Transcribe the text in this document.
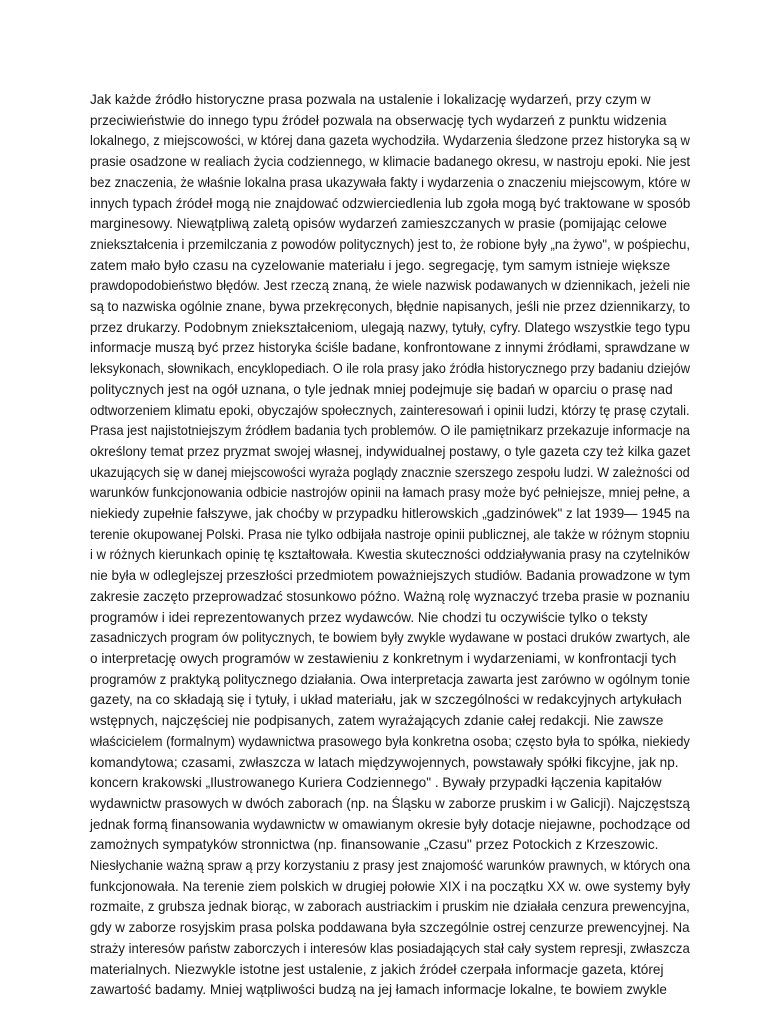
Jak każde źródło historyczne prasa pozwala na ustalenie i lokalizację wydarzeń, przy czym w
przeciwieństwie do innego typu źródeł pozwala na obserwację tych wydarzeń z punktu widzenia
lokalnego, z miejscowości, w której dana gazeta wychodziła. Wydarzenia śledzone przez historyka są w
prasie osadzone w realiach życia codziennego, w klimacie badanego okresu, w nastroju epoki. Nie jest
bez znaczenia, że właśnie lokalna prasa ukazywała fakty i wydarzenia o znaczeniu miejscowym, które w
innych typach źródeł mogą nie znajdować odzwierciedlenia lub zgoła mogą być traktowane w sposób
marginesowy. Niewątpliwą zaletą opisów wydarzeń zamieszczanych w prasie (pomijając celowe
zniekształcenia i przemilczania z powodów politycznych) jest to, że robione były „na żywo", w pośpiechu,
zatem mało było czasu na cyzelowanie materiału i jego. segregację, tym samym istnieje większe
prawdopodobieństwo błędów. Jest rzeczą znaną, że wiele nazwisk podawanych w dziennikach, jeżeli nie
są to nazwiska ogólnie znane, bywa przekręconych, błędnie napisanych, jeśli nie przez dziennikarzy, to
przez drukarzy. Podobnym zniekształceniom, ulegają nazwy, tytuły, cyfry. Dlatego wszystkie tego typu
informacje muszą być przez historyka ściśle badane, konfrontowane z innymi źródłami, sprawdzane w
leksykonach, słownikach, encyklopediach. O ile rola prasy jako źródła historycznego przy badaniu dziejów
politycznych jest na ogół uznana, o tyle jednak mniej podejmuje się badań w oparciu o prasę nad
odtworzeniem klimatu epoki, obyczajów społecznych, zainteresowań i opinii ludzi, którzy tę prasę czytali.
Prasa jest najistotniejszym źródłem badania tych problemów. O ile pamiętnikarz przekazuje informacje na
określony temat przez pryzmat swojej własnej, indywidualnej postawy, o tyle gazeta czy też kilka gazet
ukazujących się w danej miejscowości wyraża poglądy znacznie szerszego zespołu ludzi. W zależności od
warunków funkcjonowania odbicie nastrojów opinii na łamach prasy może być pełniejsze, mniej pełne, a
niekiedy zupełnie fałszywe, jak choćby w przypadku hitlerowskich „gadzinówek" z lat 1939— 1945 na
terenie okupowanej Polski. Prasa nie tylko odbijała nastroje opinii publicznej, ale także w różnym stopniu
i w różnych kierunkach opinię tę kształtowała. Kwestia skuteczności oddziaływania prasy na czytelników
nie była w odleglejszej przeszłości przedmiotem poważniejszych studiów. Badania prowadzone w tym
zakresie zaczęto przeprowadzać stosunkowo późno. Ważną rolę wyznaczyć trzeba prasie w poznaniu
programów i idei reprezentowanych przez wydawców. Nie chodzi tu oczywiście tylko o teksty
zasadniczych program ów politycznych, te bowiem były zwykle wydawane w postaci druków zwartych, ale
o interpretację owych programów w zestawieniu z konkretnym i wydarzeniami, w konfrontacji tych
programów z praktyką politycznego działania. Owa interpretacja zawarta jest zarówno w ogólnym tonie
gazety, na co składają się i tytuły, i układ materiału, jak w szczególności w redakcyjnych artykułach
wstępnych, najczęściej nie podpisanych, zatem wyrażających zdanie całej redakcji. Nie zawsze
właścicielem (formalnym) wydawnictwa prasowego była konkretna osoba; często była to spółka, niekiedy
komandytowa; czasami, zwłaszcza w latach międzywojennych, powstawały spółki fikcyjne, jak np.
koncern krakowski „Ilustrowanego Kuriera Codziennego" . Bywały przypadki łączenia kapitałów
wydawnictw prasowych w dwóch zaborach (np. na Śląsku w zaborze pruskim i w Galicji). Najczęstszą
jednak formą finansowania wydawnictw w omawianym okresie były dotacje niejawne, pochodzące od
zamożnych sympatyków stronnictwa (np. finansowanie „Czasu" przez Potockich z Krzeszowic.
Niesłychanie ważną spraw ą przy korzystaniu z prasy jest znajomość warunków prawnych, w których ona
funkcjonowała. Na terenie ziem polskich w drugiej połowie XIX i na początku XX w. owe systemy były
rozmaite, z grubsza jednak biorąc, w zaborach austriackim i pruskim nie działała cenzura prewencyjna,
gdy w zaborze rosyjskim prasa polska poddawana była szczególnie ostrej cenzurze prewencyjnej. Na
straży interesów państw zaborczych i interesów klas posiadających stał cały system represji, zwłaszcza
materialnych. Niezwykle istotne jest ustalenie, z jakich źródeł czerpała informacje gazeta, której
zawartość badamy. Mniej wątpliwości budzą na jej łamach informacje lokalne, te bowiem zwykle
